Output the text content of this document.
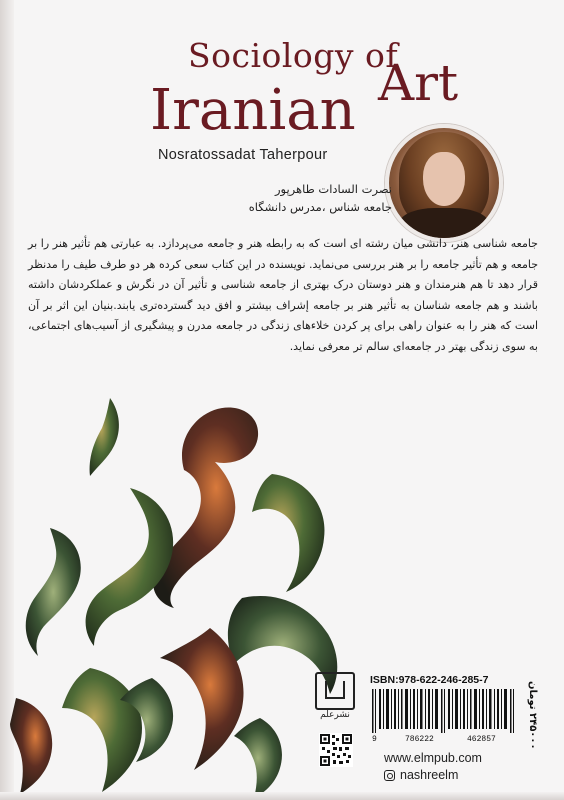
Sociology of
Art
Iranian
Nosratossadat Taherpour
نصرت السادات طاهرپور
جامعه شناس ،مدرس دانشگاه
جامعه شناسی هنر، دانشی میان رشته ای است که به رابطه هنر و جامعه می‌پردازد. به عبارتی هم تأثیر هنر را بر جامعه و هم تأثیر جامعه را بر هنر بررسی می‌نماید. نویسنده در این کتاب سعی کرده هر دو طرف طیف را مدنظر قرار دهد تا هم هنرمندان و هنر دوستان درک بهتری از جامعه شناسی و تأثیر آن در نگرش و عملکردشان داشته باشند و هم جامعه شناسان به تأثیر هنر بر جامعه إشراف بیشتر و افق دید گسترده‌تری یابند.بنیان این اثر بر آن است که هنر را به عنوان راهی برای پر کردن خلاءهای زندگی در جامعه مدرن و پیشگیری از آسیب‌های اجتماعی، به سوی زندگی بهتر در جامعه‌ای سالم‌ تر معرفی نماید.
نشرعلم
ISBN:978-622-246-285-7
9	786222	462857
۲۴۵۰۰۰ تومان
www.elmpub.com
nashreelm
